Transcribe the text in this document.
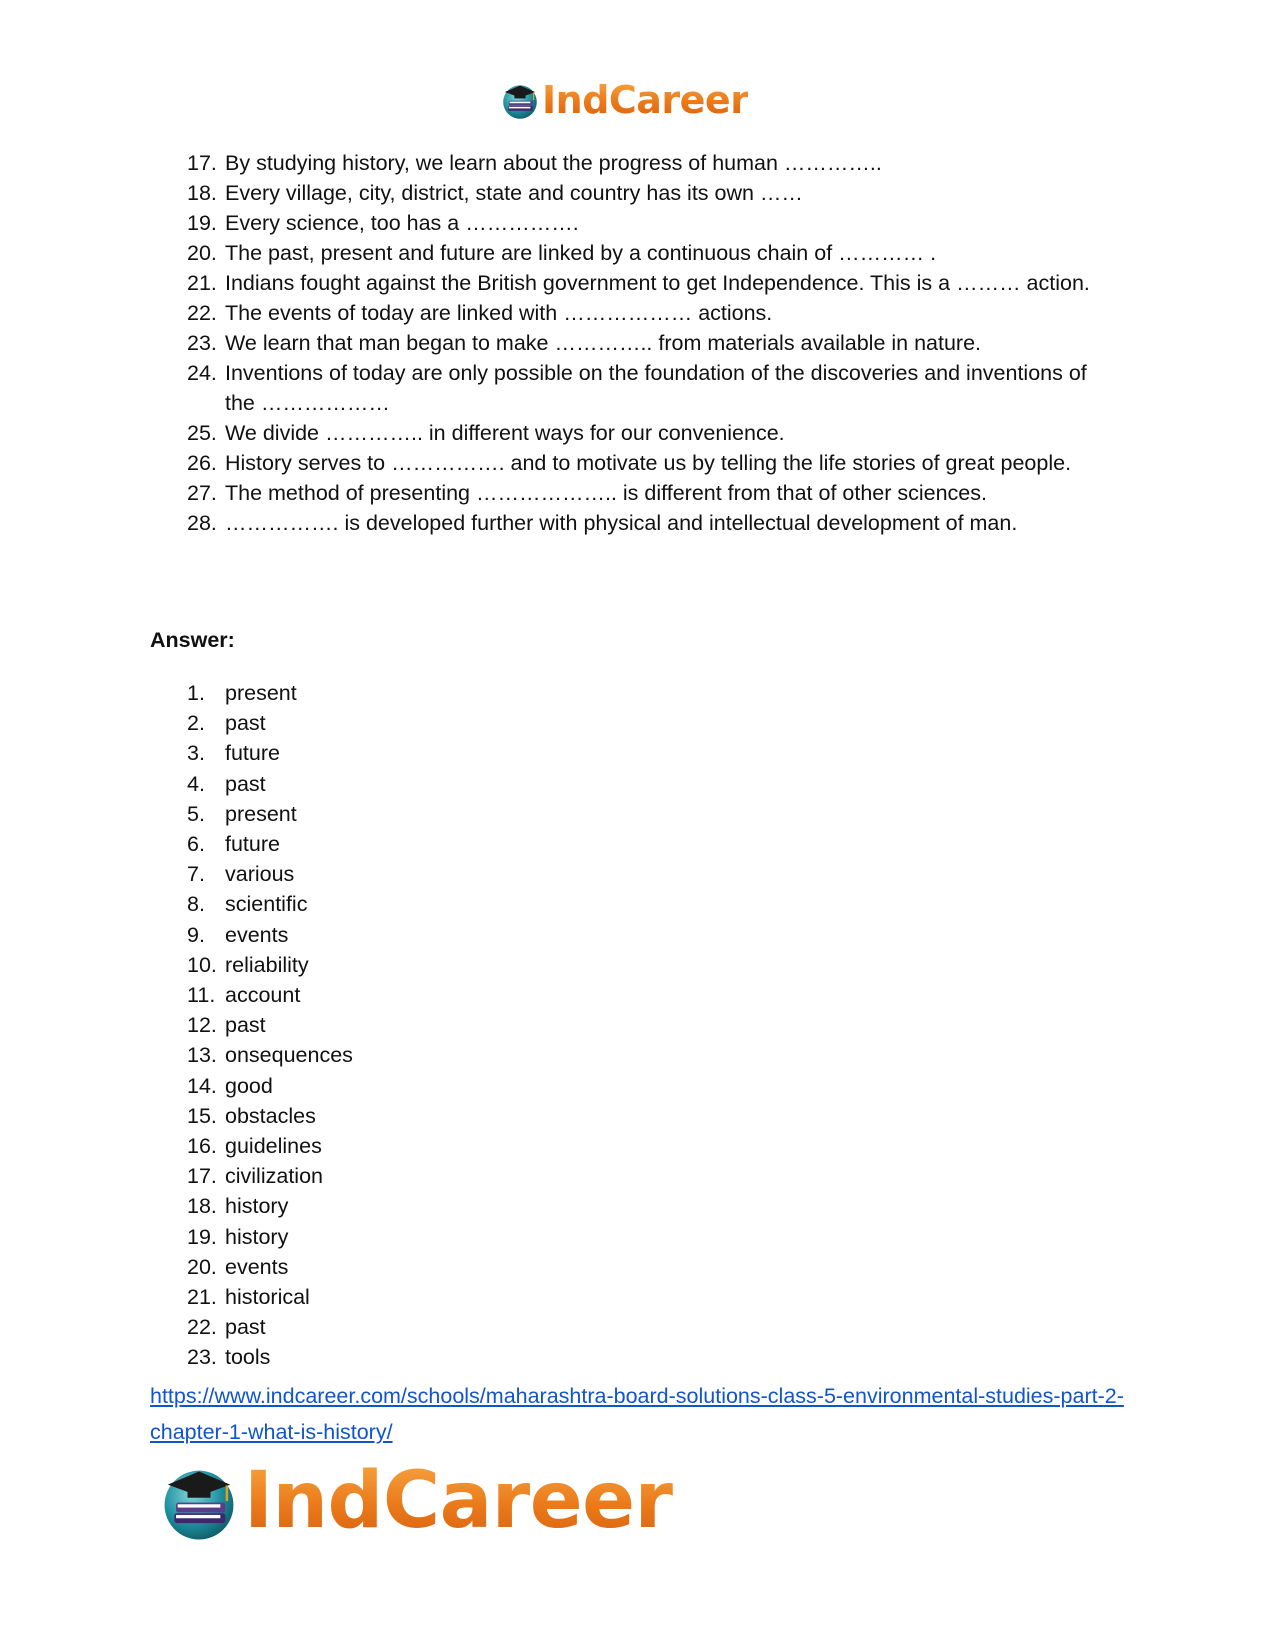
IndCareer
17. By studying history, we learn about the progress of human …………..
18. Every village, city, district, state and country has its own ……
19. Every science, too has a …………….
20. The past, present and future are linked by a continuous chain of ………… .
21. Indians fought against the British government to get Independence. This is a ……… action.
22. The events of today are linked with ……………… actions.
23. We learn that man began to make ………….. from materials available in nature.
24. Inventions of today are only possible on the foundation of the discoveries and inventions of the ………………
25. We divide ………….. in different ways for our convenience.
26. History serves to ……………. and to motivate us by telling the life stories of great people.
27. The method of presenting ……………….. is different from that of other sciences.
28. ……………. is developed further with physical and intellectual development of man.

Answer:

1. present
2. past
3. future
4. past
5. present
6. future
7. various
8. scientific
9. events
10. reliability
11. account
12. past
13. onsequences
14. good
15. obstacles
16. guidelines
17. civilization
18. history
19. history
20. events
21. historical
22. past
23. tools
https://www.indcareer.com/schools/maharashtra-board-solutions-class-5-environmental-studies-part-2-chapter-1-what-is-history/
IndCareer
